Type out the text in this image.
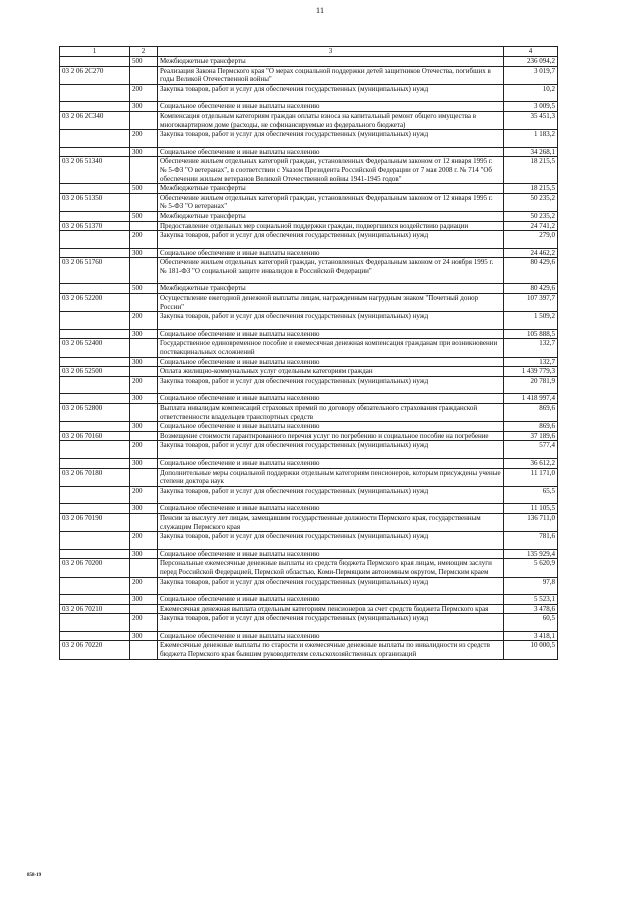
11
1	2	3	4
	500	Межбюджетные трансферты	236 094,2
03 2 06 2С270		Реализация Закона Пермского края "О мерах социальной поддержки детей защитников Отечества, погибших в годы Великой Отечественной войны"	3 019,7
	200	Закупка товаров, работ и услуг для обеспечения государственных (муниципальных) нужд	10,2
	300	Социальное обеспечение и иные выплаты населению	3 009,5
03 2 06 2С340		Компенсация отдельным категориям граждан оплаты взноса на капитальный ремонт общего имущества в многоквартирном доме (расходы, не софинансируемые из федерального бюджета)	35 451,3
	200	Закупка товаров, работ и услуг для обеспечения государственных (муниципальных) нужд	1 183,2
	300	Социальное обеспечение и иные выплаты населению	34 268,1
03 2 06 51340		Обеспечение жильем отдельных категорий граждан, установленных Федеральным законом от 12 января 1995 г. № 5-ФЗ "О ветеранах", в соответствии с Указом Президента Российской Федерации от 7 мая 2008 г. № 714 "Об обеспечении жильем ветеранов Великой Отечественной войны 1941-1945 годов"	18 215,5
	500	Межбюджетные трансферты	18 215,5
03 2 06 51350		Обеспечение жильем отдельных категорий граждан, установленных Федеральным законом от 12 января 1995 г. № 5-ФЗ "О ветеранах"	50 235,2
	500	Межбюджетные трансферты	50 235,2
03 2 06 51370		Предоставление отдельных мер социальной поддержки граждан, подвергшихся воздействию радиации	24 741,2
	200	Закупка товаров, работ и услуг для обеспечения государственных (муниципальных) нужд	279,0
	300	Социальное обеспечение и иные выплаты населению	24 462,2
03 2 06 51760		Обеспечение жильем отдельных категорий граждан, установленных Федеральным законом от 24 ноября 1995 г. № 181-ФЗ "О социальной защите инвалидов в Российской Федерации"	80 429,6
	500	Межбюджетные трансферты	80 429,6
03 2 06 52200		Осуществление ежегодной денежной выплаты лицам, награжденным нагрудным знаком "Почетный донор России"	107 397,7
	200	Закупка товаров, работ и услуг для обеспечения государственных (муниципальных) нужд	1 509,2
	300	Социальное обеспечение и иные выплаты населению	105 888,5
03 2 06 52400		Государственное единовременное пособие и ежемесячная денежная компенсация гражданам при возникновении поствакцинальных осложнений	132,7
	300	Социальное обеспечение и иные выплаты населению	132,7
03 2 06 52500		Оплата жилищно-коммунальных услуг отдельным категориям граждан	1 439 779,3
	200	Закупка товаров, работ и услуг для обеспечения государственных (муниципальных) нужд	20 781,9
	300	Социальное обеспечение и иные выплаты населению	1 418 997,4
03 2 06 52800		Выплата инвалидам компенсаций страховых премий по договору обязательного страхования гражданской ответственности владельцев транспортных средств	869,6
	300	Социальное обеспечение и иные выплаты населению	869,6
03 2 06 70160		Возмещение стоимости гарантированного перечня услуг по погребению и социальное пособие на погребение	37 189,6
	200	Закупка товаров, работ и услуг для обеспечения государственных (муниципальных) нужд	577,4
	300	Социальное обеспечение и иные выплаты населению	36 612,2
03 2 06 70180		Дополнительные меры социальной поддержки отдельным категориям пенсионеров, которым присуждены ученые степени доктора наук	11 171,0
	200	Закупка товаров, работ и услуг для обеспечения государственных (муниципальных) нужд	65,5
	300	Социальное обеспечение и иные выплаты населению	11 105,5
03 2 06 70190		Пенсии за выслугу лет лицам, замещавшим государственные должности Пермского края, государственным служащим Пермского края	136 711,0
	200	Закупка товаров, работ и услуг для обеспечения государственных (муниципальных) нужд	781,6
	300	Социальное обеспечение и иные выплаты населению	135 929,4
03 2 06 70200		Персональные ежемесячные денежные выплаты из средств бюджета Пермского края лицам, имеющим заслуги перед Российской Федерацией, Пермской областью, Коми-Пермяцким автономным округом, Пермским краем	5 620,9
	200	Закупка товаров, работ и услуг для обеспечения государственных (муниципальных) нужд	97,8
	300	Социальное обеспечение и иные выплаты населению	5 523,1
03 2 06 70210		Ежемесячная денежная выплата отдельным категориям пенсионеров за счет средств бюджета Пермского края	3 478,6
	200	Закупка товаров, работ и услуг для обеспечения государственных (муниципальных) нужд	60,5
	300	Социальное обеспечение и иные выплаты населению	3 418,1
03 2 06 70220		Ежемесячные денежные выплаты по старости и ежемесячные денежные выплаты по инвалидности из средств бюджета Пермского края бывшим руководителям сельскохозяйственных организаций	10 000,5
858-19
